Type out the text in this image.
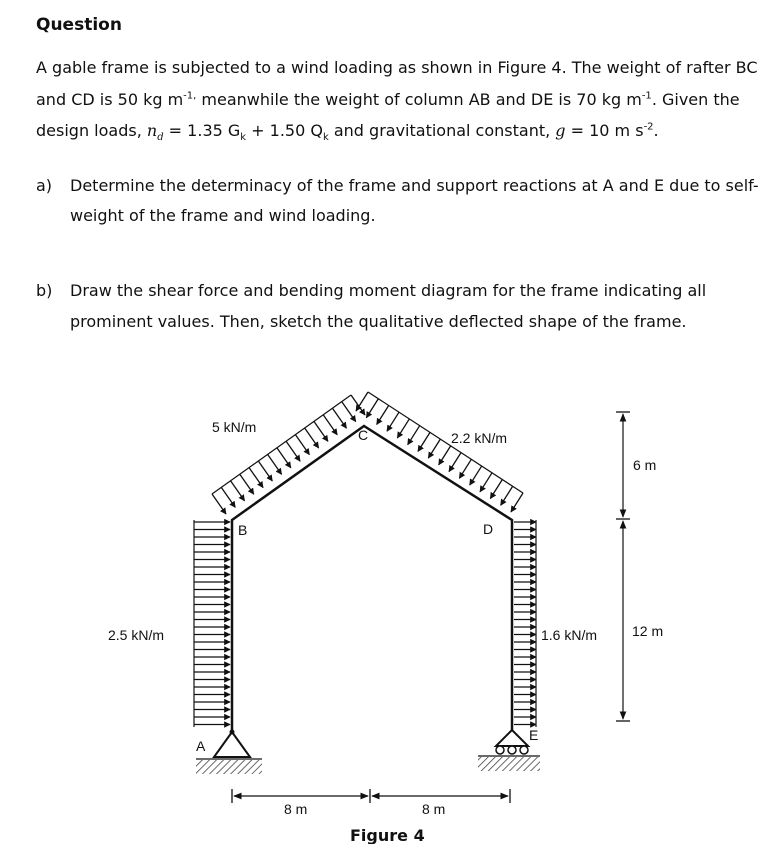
Question
A gable frame is subjected to a wind loading as shown in Figure 4. The weight of rafter BC
and CD is 50 kg $m^{-1,}$ meanwhile the weight of column AB and DE is 70 kg $m^{-1}$. Given the
design loads, $n_d = 1.35$ $G_k + 1.50$ $Q_k$ and gravitational constant, g = 10 m $s^{-2}$.
a) Determine the determinacy of the frame and support reactions at A and E due to self-
weight of the frame and wind loading.
b) Draw the shear force and bending moment diagram for the frame indicating all
prominent values. Then, sketch the qualitative deflected shape of the frame.
B
C
D
A
E
5 kN/m
2.2 kN/m
2.5 kN/m	1.6 kN/m
6 m
12 m
8 m	8 m
Figure 4
